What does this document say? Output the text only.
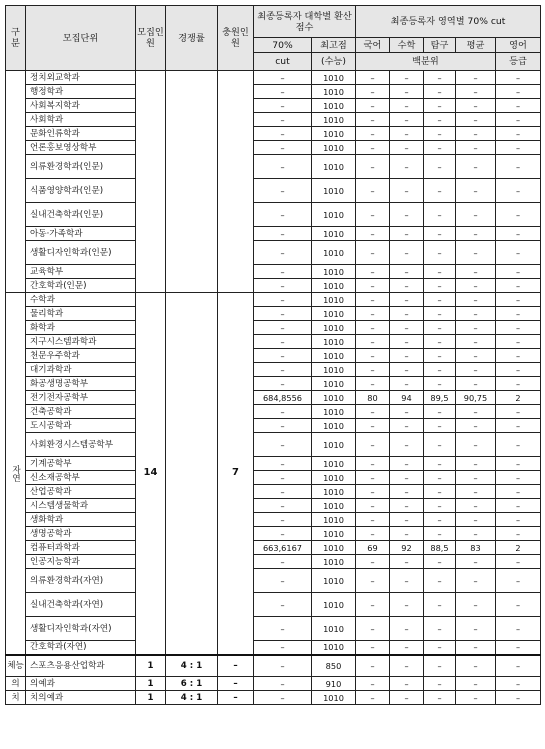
구분	모집단위	모집인원	경쟁률	충원인원	최종등록자 대학별 환산점수		최종등록자 영역별 70% cut				
					70%	최고점	국어	수학	탐구	평균	영어
					cut	(수능)	백분위				등급
	정치외교학과				–	1010	–	–	–	–	–
	행정학과				–	1010	–	–	–	–	–
	사회복지학과				–	1010	–	–	–	–	–
	사회학과				–	1010	–	–	–	–	–
	문화인류학과				–	1010	–	–	–	–	–
	언론홍보영상학부				–	1010	–	–	–	–	–
	의류환경학과(인문)				–	1010	–	–	–	–	–
	식품영양학과(인문)				–	1010	–	–	–	–	–
	실내건축학과(인문)				–	1010	–	–	–	–	–
	아동·가족학과				–	1010	–	–	–	–	–
	생활디자인학과(인문)				–	1010	–	–	–	–	–
	교육학부				–	1010	–	–	–	–	–
	간호학과(인문)				–	1010	–	–	–	–	–
자연	수학과	14		7	–	1010	–	–	–	–	–
	물리학과				–	1010	–	–	–	–	–
	화학과				–	1010	–	–	–	–	–
	지구시스템과학과				–	1010	–	–	–	–	–
	천문우주학과				–	1010	–	–	–	–	–
	대기과학과				–	1010	–	–	–	–	–
	화공생명공학부				–	1010	–	–	–	–	–
	전기전자공학부				684,8556	1010	80	94	89,5	90,75	2
	건축공학과				–	1010	–	–	–	–	–
	도시공학과				–	1010	–	–	–	–	–
	사회환경시스템공학부				–	1010	–	–	–	–	–
	기계공학부				–	1010	–	–	–	–	–
	신소재공학부				–	1010	–	–	–	–	–
	산업공학과				–	1010	–	–	–	–	–
	시스템생물학과				–	1010	–	–	–	–	–
	생화학과				–	1010	–	–	–	–	–
	생명공학과				–	1010	–	–	–	–	–
	컴퓨터과학과				663,6167	1010	69	92	88,5	83	2
	인공지능학과				–	1010	–	–	–	–	–
	의류환경학과(자연)				–	1010	–	–	–	–	–
	실내건축학과(자연)				–	1010	–	–	–	–	–
	생활디자인학과(자연)				–	1010	–	–	–	–	–
	간호학과(자연)				–	1010	–	–	–	–	–
체능	스포츠응용산업학과	1	4 : 1	–	–	850	–	–	–	–	–
의	의예과	1	6 : 1	–	–	910	–	–	–	–	–
치	치의예과	1	4 : 1	–	–	1010	–	–	–	–	–
